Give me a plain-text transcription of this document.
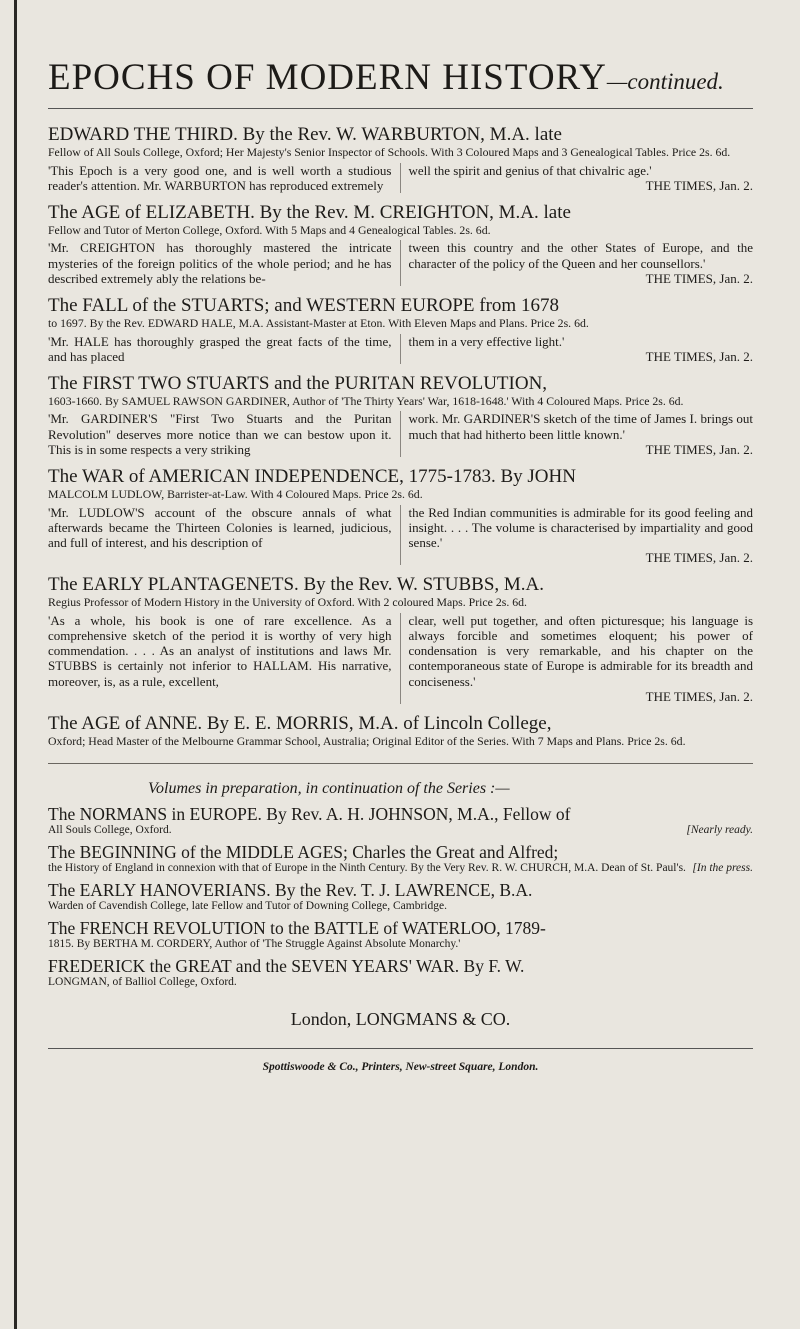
EPOCHS OF MODERN HISTORY—continued.

EDWARD THE THIRD. By the Rev. W. WARBURTON, M.A. late

Fellow of All Souls College, Oxford; Her Majesty's Senior Inspector of Schools. With 3 Coloured Maps and 3 Genealogical Tables. Price 2s. 6d.

'This Epoch is a very good one, and is well worth a studious reader's attention. Mr. WARBURTON has reproduced extremely
well the spirit and genius of that chivalric age.'
THE TIMES, Jan. 2.

The AGE of ELIZABETH. By the Rev. M. CREIGHTON, M.A. late

Fellow and Tutor of Merton College, Oxford. With 5 Maps and 4 Genealogical Tables. 2s. 6d.

'Mr. CREIGHTON has thoroughly mastered the intricate mysteries of the foreign politics of the whole period; and he has described extremely ably the relations be-
tween this country and the other States of Europe, and the character of the policy of the Queen and her counsellors.'
THE TIMES, Jan. 2.

The FALL of the STUARTS; and WESTERN EUROPE from 1678

to 1697. By the Rev. EDWARD HALE, M.A. Assistant-Master at Eton. With Eleven Maps and Plans. Price 2s. 6d.

'Mr. HALE has thoroughly grasped the great facts of the time, and has placed
them in a very effective light.'
THE TIMES, Jan. 2.

The FIRST TWO STUARTS and the PURITAN REVOLUTION,

1603-1660. By SAMUEL RAWSON GARDINER, Author of 'The Thirty Years' War, 1618-1648.' With 4 Coloured Maps. Price 2s. 6d.

'Mr. GARDINER'S "First Two Stuarts and the Puritan Revolution" deserves more notice than we can bestow upon it. This is in some respects a very striking
work. Mr. GARDINER'S sketch of the time of James I. brings out much that had hitherto been little known.'
THE TIMES, Jan. 2.

The WAR of AMERICAN INDEPENDENCE, 1775-1783. By JOHN

MALCOLM LUDLOW, Barrister-at-Law. With 4 Coloured Maps. Price 2s. 6d.

'Mr. LUDLOW'S account of the obscure annals of what afterwards became the Thirteen Colonies is learned, judicious, and full of interest, and his description of
the Red Indian communities is admirable for its good feeling and insight. . . . The volume is characterised by impartiality and good sense.'
THE TIMES, Jan. 2.

The EARLY PLANTAGENETS. By the Rev. W. STUBBS, M.A.

Regius Professor of Modern History in the University of Oxford. With 2 coloured Maps. Price 2s. 6d.

'As a whole, his book is one of rare excellence. As a comprehensive sketch of the period it is worthy of very high commendation. . . . As an analyst of institutions and laws Mr. STUBBS is certainly not inferior to HALLAM. His narrative, moreover, is, as a rule, excellent,
clear, well put together, and often picturesque; his language is always forcible and sometimes eloquent; his power of condensation is very remarkable, and his chapter on the contemporaneous state of Europe is admirable for its breadth and conciseness.'
THE TIMES, Jan. 2.

The AGE of ANNE. By E. E. MORRIS, M.A. of Lincoln College,

Oxford; Head Master of the Melbourne Grammar School, Australia; Original Editor of the Series. With 7 Maps and Plans. Price 2s. 6d.

Volumes in preparation, in continuation of the Series :—

The NORMANS in EUROPE. By Rev. A. H. JOHNSON, M.A., Fellow of

All Souls College, Oxford.	[Nearly ready.

The BEGINNING of the MIDDLE AGES; Charles the Great and Alfred;

the History of England in connexion with that of Europe in the Ninth Century. By the Very Rev. R. W. CHURCH, M.A. Dean of St. Paul's. [In the press.

The EARLY HANOVERIANS. By the Rev. T. J. LAWRENCE, B.A.

Warden of Cavendish College, late Fellow and Tutor of Downing College, Cambridge.

The FRENCH REVOLUTION to the BATTLE of WATERLOO, 1789-

1815. By BERTHA M. CORDERY, Author of 'The Struggle Against Absolute Monarchy.'

FREDERICK the GREAT and the SEVEN YEARS' WAR. By F. W.

LONGMAN, of Balliol College, Oxford.

London, LONGMANS & CO.
Spottiswoode & Co., Printers, New-street Square, London.
